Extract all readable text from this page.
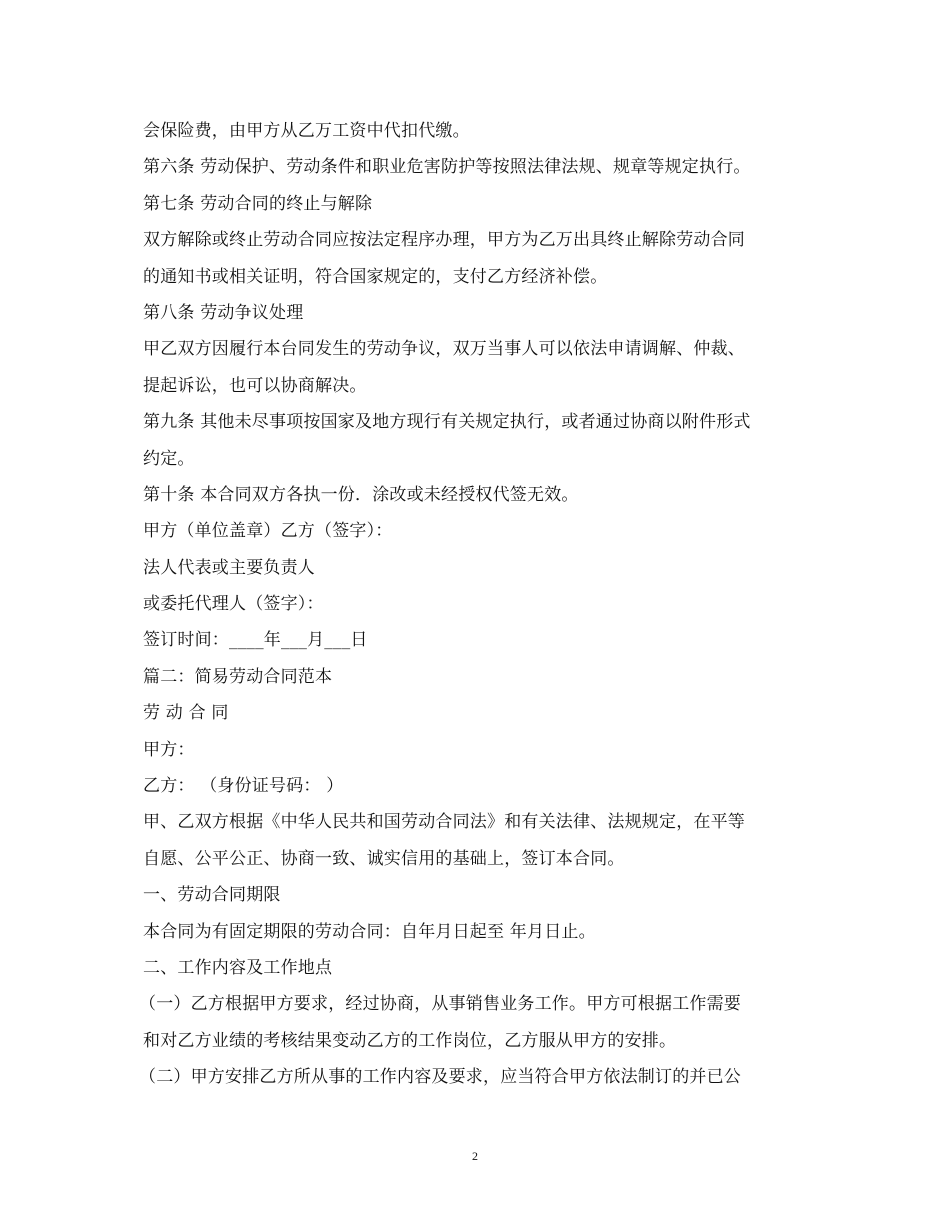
会保险费，由甲方从乙万工资中代扣代缴。
第六条 劳动保护、劳动条件和职业危害防护等按照法律法规、规章等规定执行。
第七条 劳动合同的终止与解除
双方解除或终止劳动合同应按法定程序办理，甲方为乙万出具终止解除劳动合同
的通知书或相关证明，符合国家规定的，支付乙方经济补偿。
第八条 劳动争议处理
甲乙双方因履行本台同发生的劳动争议，双万当事人可以依法申请调解、仲裁、
提起诉讼，也可以协商解决。
第九条 其他未尽事项按国家及地方现行有关规定执行，或者通过协商以附件形式
约定。
第十条 本合同双方各执一份．涂改或未经授权代签无效。
甲方（单位盖章）乙方（签字）：
法人代表或主要负责人
或委托代理人（签字）：
签订时间：____年___月___日
篇二：简易劳动合同范本
劳 动 合 同
甲方：
乙方： （身份证号码： ）
甲、乙双方根据《中华人民共和国劳动合同法》和有关法律、法规规定，在平等
自愿、公平公正、协商一致、诚实信用的基础上，签订本合同。
一、劳动合同期限
本合同为有固定期限的劳动合同：自年月日起至 年月日止。
二、工作内容及工作地点
（一）乙方根据甲方要求，经过协商，从事销售业务工作。甲方可根据工作需要
和对乙方业绩的考核结果变动乙方的工作岗位，乙方服从甲方的安排。
（二）甲方安排乙方所从事的工作内容及要求，应当符合甲方依法制订的并已公
2
